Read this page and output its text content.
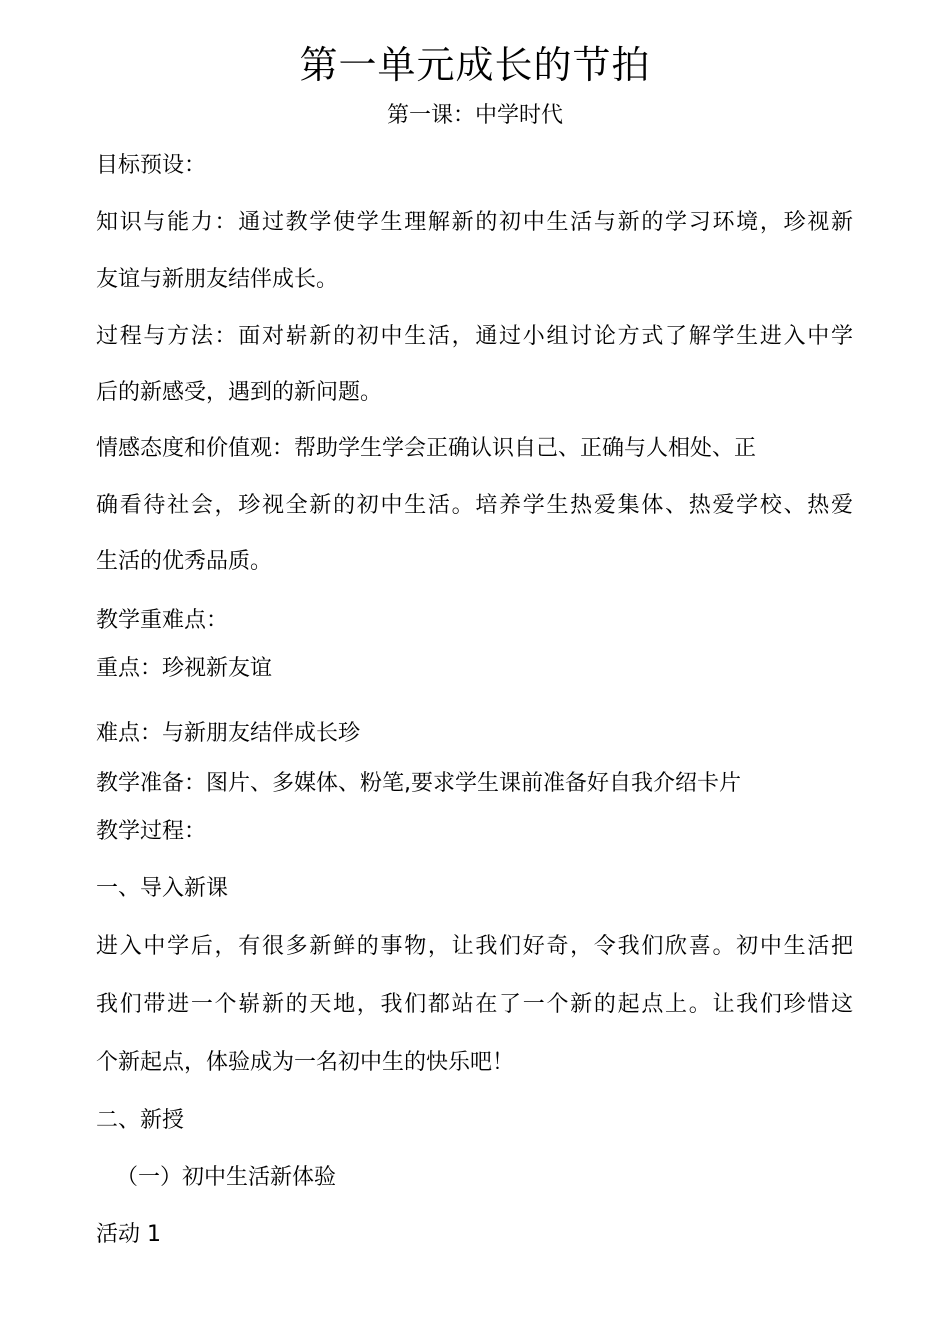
第一单元成长的节拍
第一课：中学时代
目标预设：
知识与能力：通过教学使学生理解新的初中生活与新的学习环境，珍视新
友谊与新朋友结伴成长。
过程与方法：面对崭新的初中生活，通过小组讨论方式了解学生进入中学
后的新感受，遇到的新问题。
情感态度和价值观：帮助学生学会正确认识自己、正确与人相处、正
确看待社会，珍视全新的初中生活。培养学生热爱集体、热爱学校、热爱
生活的优秀品质。
教学重难点：
重点：珍视新友谊
难点：与新朋友结伴成长珍
教学准备：图片、多媒体、粉笔,要求学生课前准备好自我介绍卡片
教学过程：
一、导入新课
进入中学后，有很多新鲜的事物，让我们好奇，令我们欣喜。初中生活把
我们带进一个崭新的天地，我们都站在了一个新的起点上。让我们珍惜这
个新起点，体验成为一名初中生的快乐吧！
二、新授
（一）初中生活新体验
活动 1
